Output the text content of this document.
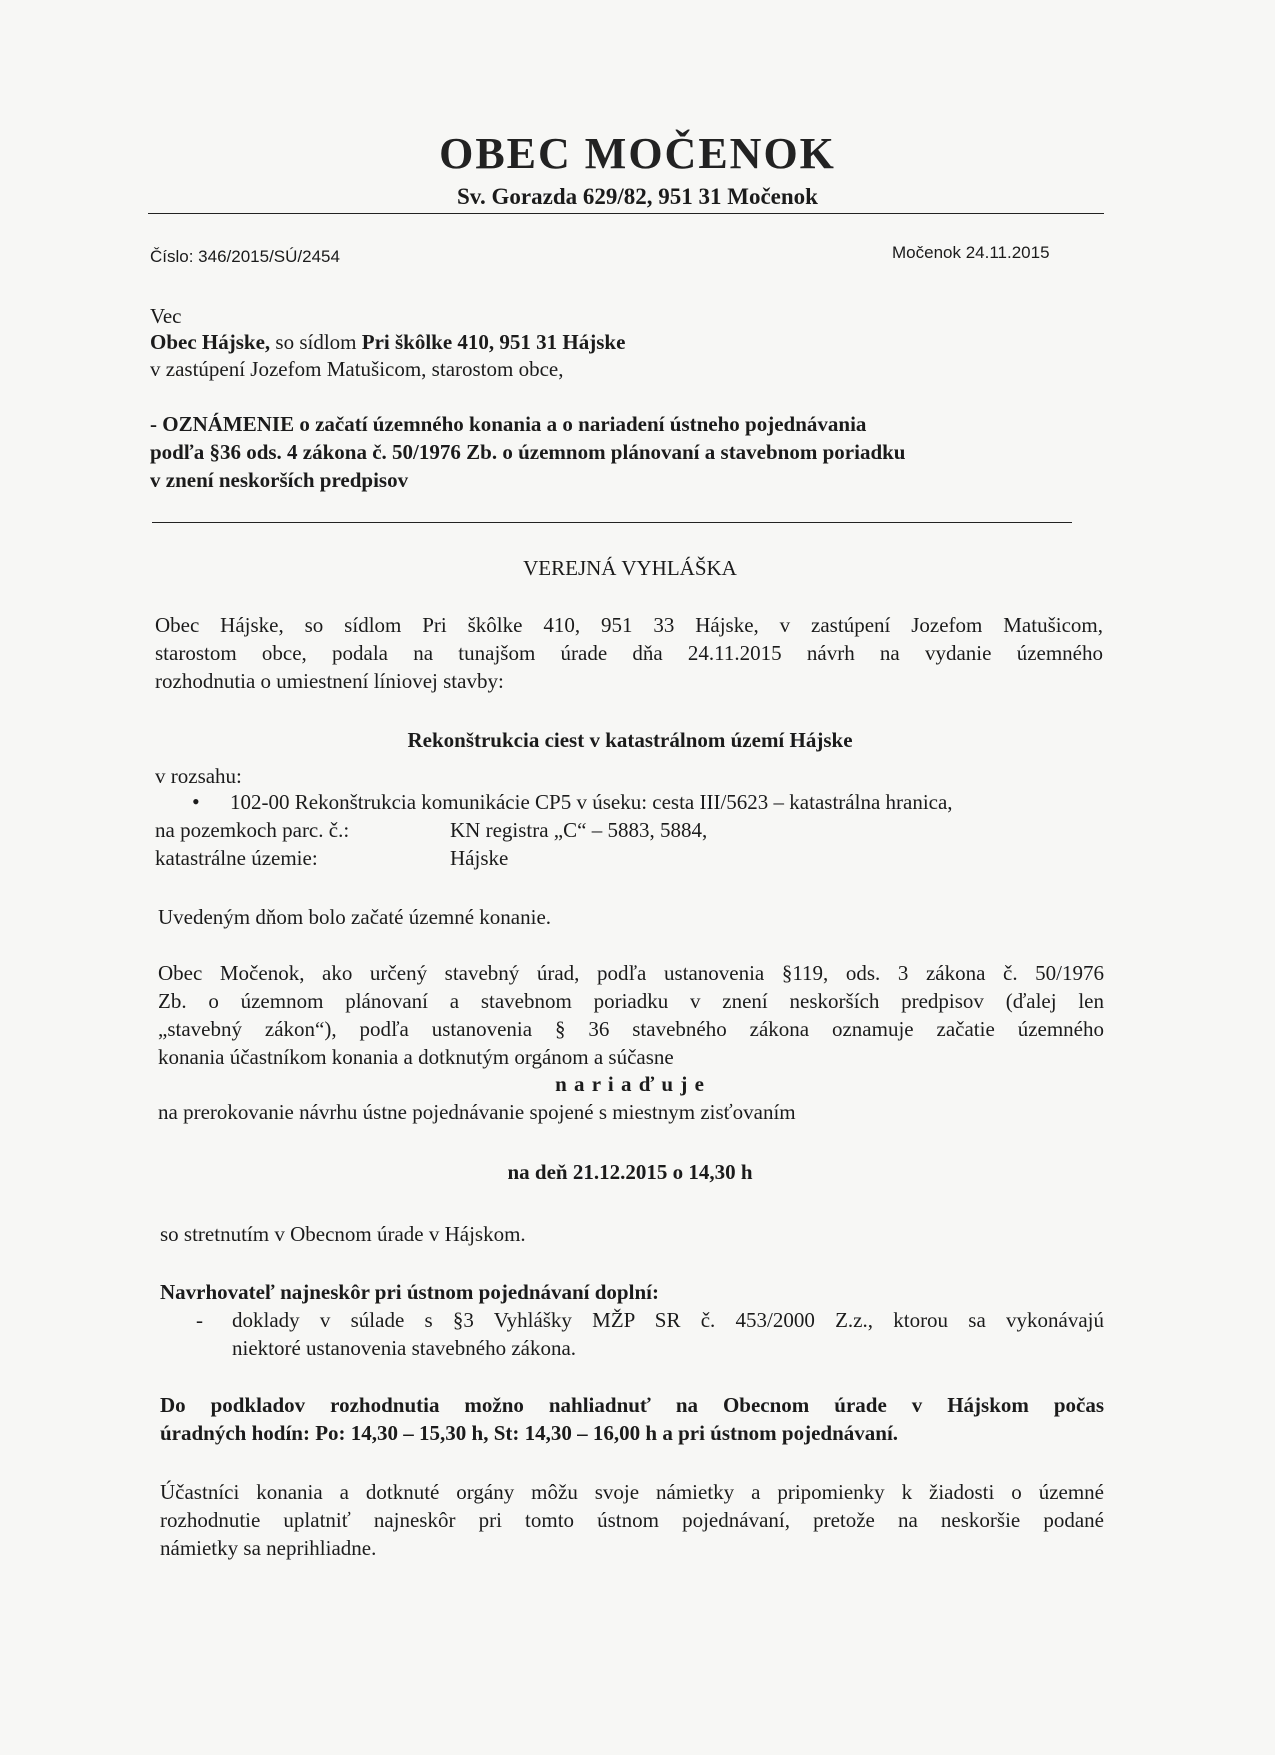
OBEC MOČENOK
Sv. Gorazda 629/82, 951 31 Močenok
Číslo: 346/2015/SÚ/2454	Močenok 24.11.2015
Vec
Obec Hájske, so sídlom Pri škôlke 410, 951 31 Hájske
v zastúpení Jozefom Matušicom, starostom obce,
- OZNÁMENIE o začatí územného konania a o nariadení ústneho pojednávania
podľa §36 ods. 4 zákona č. 50/1976 Zb. o územnom plánovaní a stavebnom poriadku
v znení neskorších predpisov
VEREJNÁ VYHLÁŠKA
Obec Hájske, so sídlom Pri škôlke 410, 951 33 Hájske, v zastúpení Jozefom Matušicom,
starostom obce, podala na tunajšom úrade dňa 24.11.2015 návrh na vydanie územného
rozhodnutia o umiestnení líniovej stavby:
Rekonštrukcia ciest v katastrálnom území Hájske
v rozsahu:
• 102-00 Rekonštrukcia komunikácie CP5 v úseku: cesta III/5623 – katastrálna hranica,
na pozemkoch parc. č.:	KN registra „C“ – 5883, 5884,
katastrálne územie:	Hájske
Uvedeným dňom bolo začaté územné konanie.
Obec Močenok, ako určený stavebný úrad, podľa ustanovenia §119, ods. 3 zákona č. 50/1976
Zb. o územnom plánovaní a stavebnom poriadku v znení neskorších predpisov (ďalej len
„stavebný zákon“), podľa ustanovenia § 36 stavebného zákona oznamuje začatie územného
konania účastníkom konania a dotknutým orgánom a súčasne
n a r i a ď u j e
na prerokovanie návrhu ústne pojednávanie spojené s miestnym zisťovaním
na deň 21.12.2015 o 14,30 h
so stretnutím v Obecnom úrade v Hájskom.
Navrhovateľ najneskôr pri ústnom pojednávaní doplní:
- doklady v súlade s §3 Vyhlášky MŽP SR č. 453/2000 Z.z., ktorou sa vykonávajú
niektoré ustanovenia stavebného zákona.
Do podkladov rozhodnutia možno nahliadnuť na Obecnom úrade v Hájskom počas
úradných hodín: Po: 14,30 – 15,30 h, St: 14,30 – 16,00 h a pri ústnom pojednávaní.
Účastníci konania a dotknuté orgány môžu svoje námietky a pripomienky k žiadosti o územné
rozhodnutie uplatniť najneskôr pri tomto ústnom pojednávaní, pretože na neskoršie podané
námietky sa neprihliadne.
